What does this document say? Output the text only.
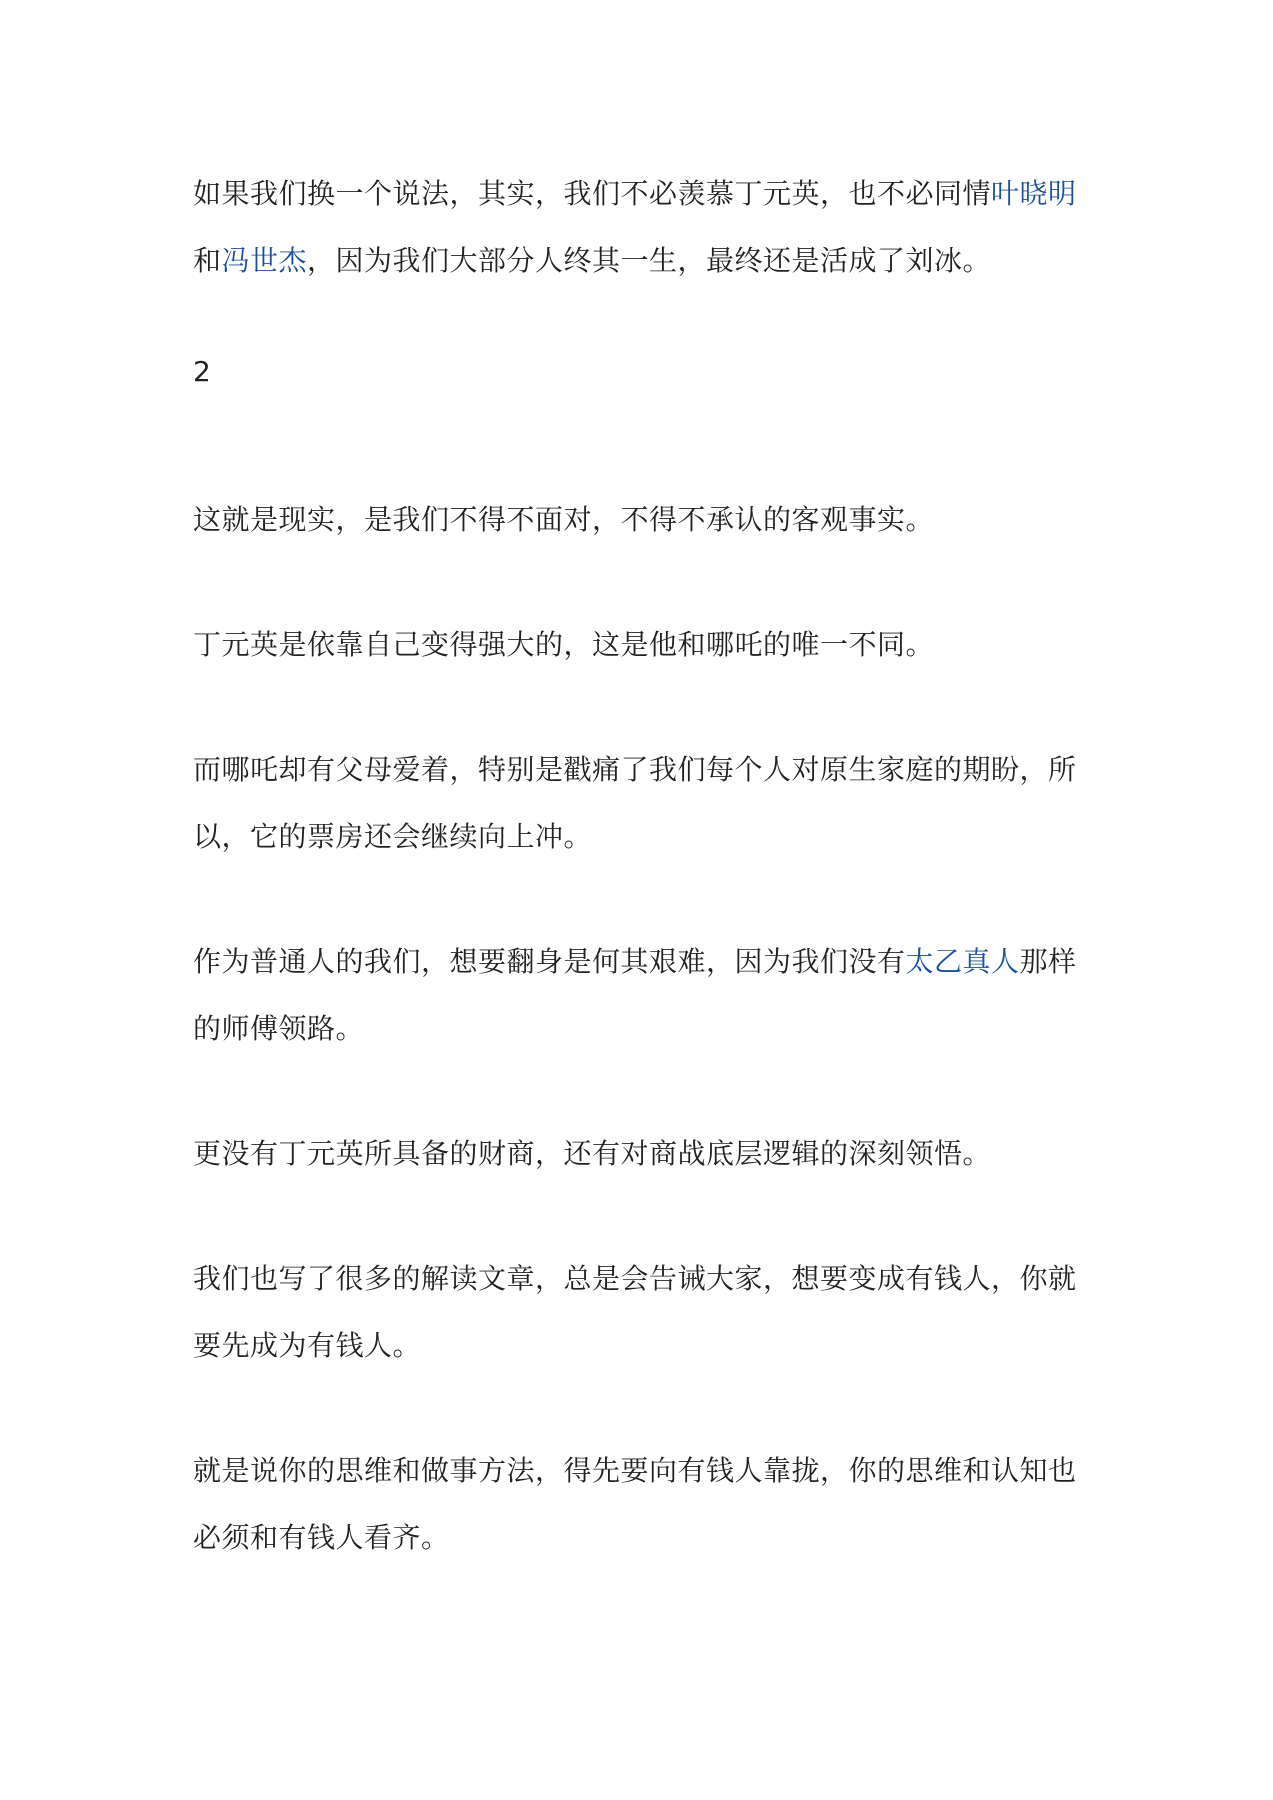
如果我们换一个说法，其实，我们不必羡慕丁元英，也不必同情叶晓明和冯世杰，因为我们大部分人终其一生，最终还是活成了刘冰。

2

这就是现实，是我们不得不面对，不得不承认的客观事实。

丁元英是依靠自己变得强大的，这是他和哪吒的唯一不同。

而哪吒却有父母爱着，特别是戳痛了我们每个人对原生家庭的期盼，所以，它的票房还会继续向上冲。

作为普通人的我们，想要翻身是何其艰难，因为我们没有太乙真人那样的师傅领路。

更没有丁元英所具备的财商，还有对商战底层逻辑的深刻领悟。

我们也写了很多的解读文章，总是会告诫大家，想要变成有钱人，你就要先成为有钱人。

就是说你的思维和做事方法，得先要向有钱人靠拢，你的思维和认知也必须和有钱人看齐。
